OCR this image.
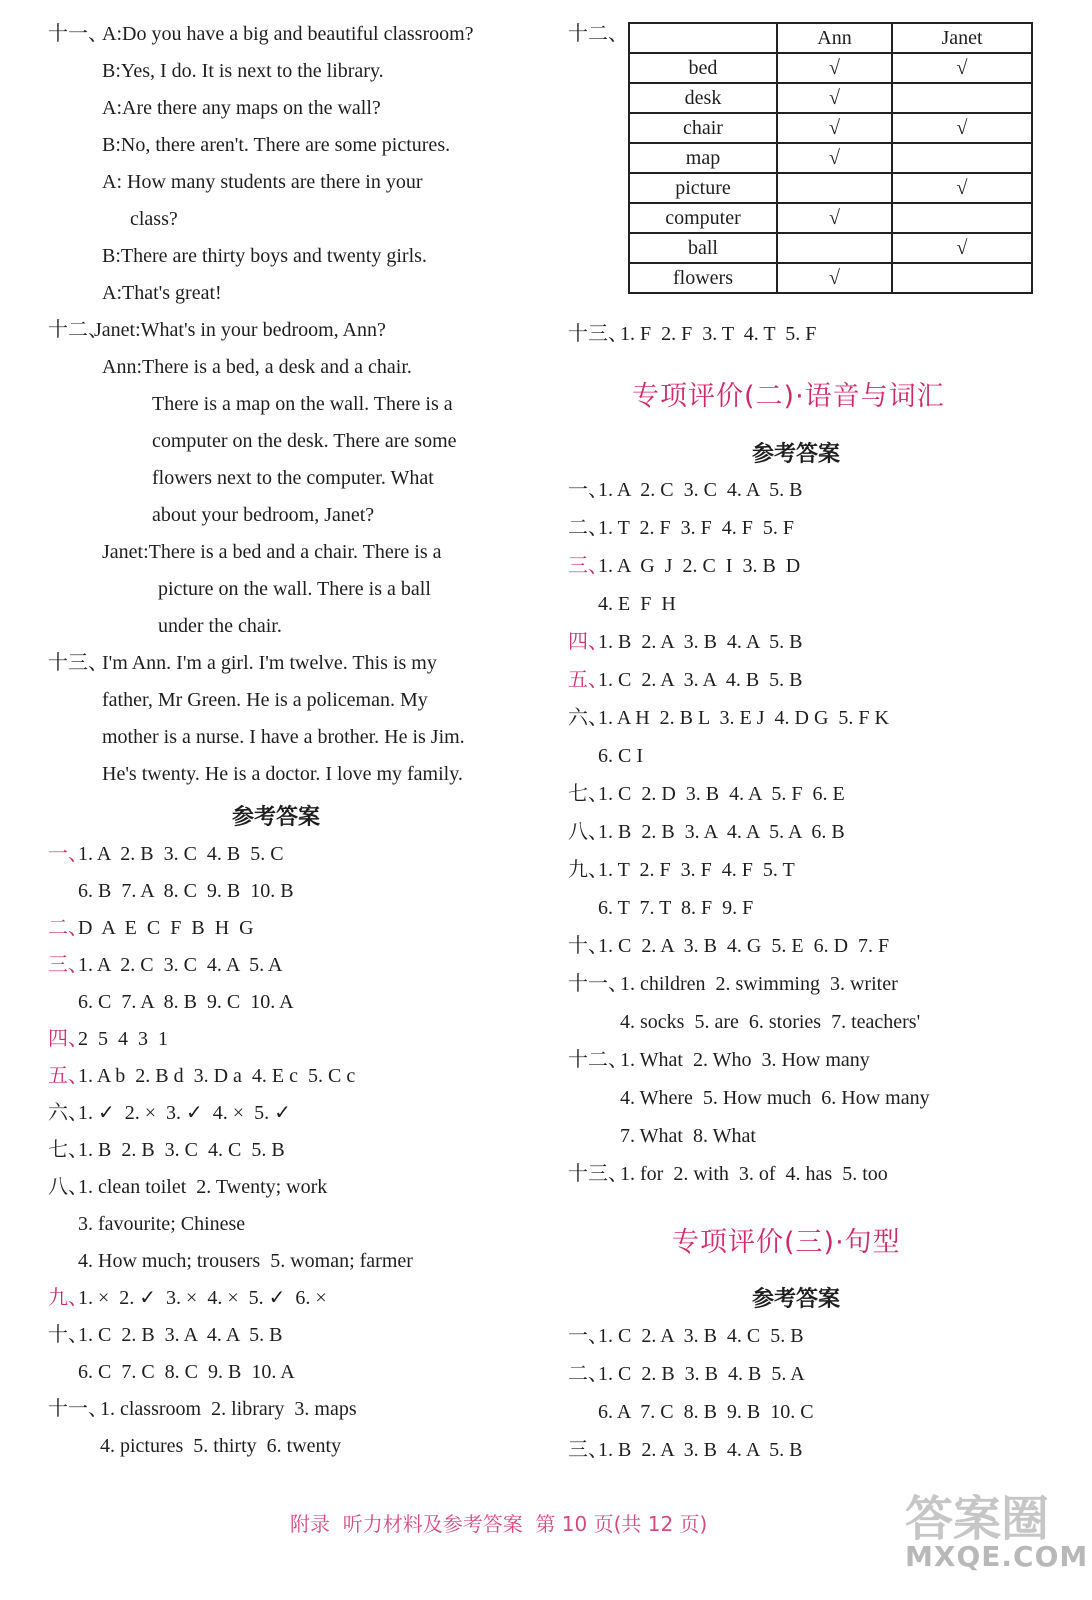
十一、
A:Do you have a big and beautiful classroom?
B:Yes, I do. It is next to the library.
A:Are there any maps on the wall?
B:No, there aren't. There are some pictures.
A: How many students are there in your
class?
B:There are thirty boys and twenty girls.
A:That's great!
十二、
Janet:What's in your bedroom, Ann?
Ann:There is a bed, a desk and a chair.
There is a map on the wall. There is a
computer on the desk. There are some
flowers next to the computer. What
about your bedroom, Janet?
Janet:There is a bed and a chair. There is a
picture on the wall. There is a ball
under the chair.
十三、
I'm Ann. I'm a girl. I'm twelve. This is my
father, Mr Green. He is a policeman. My
mother is a nurse. I have a brother. He is Jim.
He's twenty. He is a doctor. I love my family.
参考答案
一、
1. A  2. B  3. C  4. B  5. C
6. B  7. A  8. C  9. B  10. B
二、
D  A  E  C  F  B  H  G
三、
1. A  2. C  3. C  4. A  5. A
6. C  7. A  8. B  9. C  10. A
四、
2  5  4  3  1
五、
1. A b  2. B d  3. D a  4. E c  5. C c
六、
1. ✓  2. ×  3. ✓  4. ×  5. ✓
七、
1. B  2. B  3. C  4. C  5. B
八、
1. clean toilet  2. Twenty; work
3. favourite; Chinese
4. How much; trousers  5. woman; farmer
九、
1. ×  2. ✓  3. ×  4. ×  5. ✓  6. ×
十、
1. C  2. B  3. A  4. A  5. B
6. C  7. C  8. C  9. B  10. A
十一、
1. classroom  2. library  3. maps
4. pictures  5. thirty  6. twenty
十二、
		Ann	Janet
bed	√	√
desk	√	
chair	√	√
map	√	
picture		√
computer	√	
ball		√
flowers	√	
十三、
1. F  2. F  3. T  4. T  5. F
专项评价(二)·语音与词汇
参考答案
一、
1. A  2. C  3. C  4. A  5. B
二、
1. T  2. F  3. F  4. F  5. F
三、
1. A  G  J  2. C  I  3. B  D
4. E  F  H
四、
1. B  2. A  3. B  4. A  5. B
五、
1. C  2. A  3. A  4. B  5. B
六、
1. A H  2. B L  3. E J  4. D G  5. F K
6. C I
七、
1. C  2. D  3. B  4. A  5. F  6. E
八、
1. B  2. B  3. A  4. A  5. A  6. B
九、
1. T  2. F  3. F  4. F  5. T
6. T  7. T  8. F  9. F
十、
1. C  2. A  3. B  4. G  5. E  6. D  7. F
十一、
1. children  2. swimming  3. writer
4. socks  5. are  6. stories  7. teachers'
十二、
1. What  2. Who  3. How many
4. Where  5. How much  6. How many
7. What  8. What
十三、
1. for  2. with  3. of  4. has  5. too
专项评价(三)·句型
参考答案
一、
1. C  2. A  3. B  4. C  5. B
二、
1. C  2. B  3. B  4. B  5. A
6. A  7. C  8. B  9. B  10. C
三、
1. B  2. A  3. B  4. A  5. B
附录  听力材料及参考答案  第 10 页(共 12 页)	答案圈
MXQE.COM
